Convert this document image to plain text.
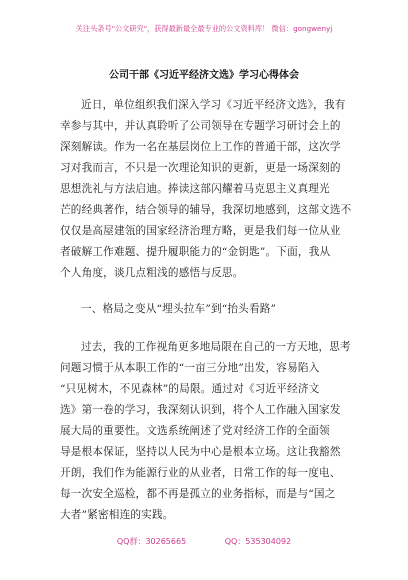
关注头条号"公文研究"，获得最新最全最专业的公文资料库！ 微信：gongwenyj
公司干部《习近平经济文选》学习心得体会
近日，单位组织我们深入学习《习近平经济文选》，我有
幸参与其中，并认真聆听了公司领导在专题学习研讨会上的
深刻解读。作为一名在基层岗位上工作的普通干部，这次学
习对我而言，不只是一次理论知识的更新，更是一场深刻的
思想洗礼与方法启迪。捧读这部闪耀着马克思主义真理光
芒的经典著作，结合领导的辅导，我深切地感到，这部文选不
仅仅是高屋建瓴的国家经济治理方略，更是我们每一位从业
者破解工作难题、提升履职能力的“金钥匙”。下面，我从
个人角度，谈几点粗浅的感悟与反思。
一、格局之变从“埋头拉车”到“抬头看路”
过去，我的工作视角更多地局限在自己的一方天地，思考
问题习惯于从本职工作的“一亩三分地”出发，容易陷入
“只见树木，不见森林”的局限。通过对《习近平经济文
选》第一卷的学习，我深刻认识到，将个人工作融入国家发
展大局的重要性。文选系统阐述了党对经济工作的全面领
导是根本保证，坚持以人民为中心是根本立场。这让我豁然
开朗，我们作为能源行业的从业者，日常工作的每一度电、
每一次安全巡检，都不再是孤立的业务指标，而是与“国之
大者”紧密相连的实践。
QQ群：30265665	QQ：535304092
